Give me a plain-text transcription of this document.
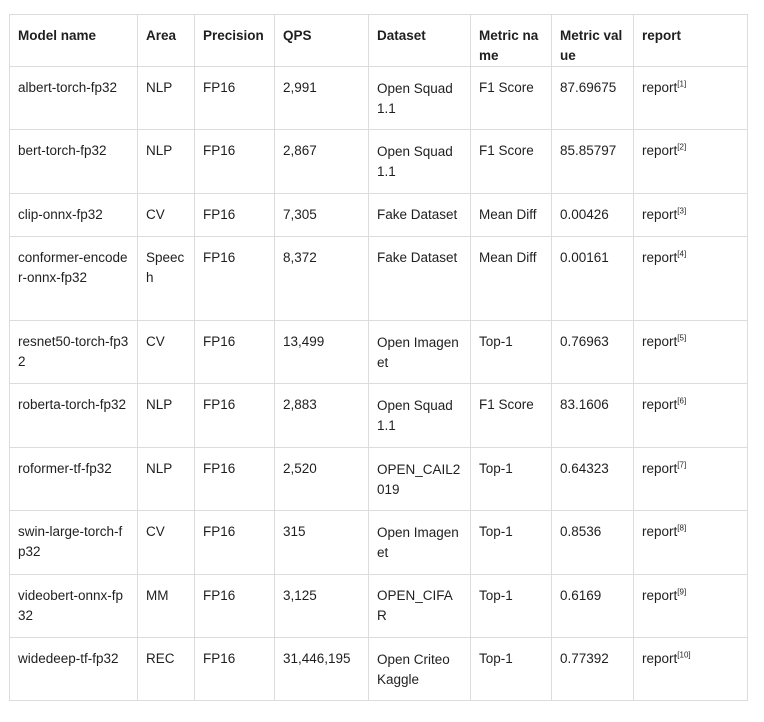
Model name	Area	Precision	QPS	Dataset	Metric name	Metric value	report
albert-torch-fp32	NLP	FP16	2,991	Open Squad 1.1	F1 Score	87.69675	report[1]
bert-torch-fp32	NLP	FP16	2,867	Open Squad 1.1	F1 Score	85.85797	report[2]
clip-onnx-fp32	CV	FP16	7,305	Fake Dataset	Mean Diff	0.00426	report[3]
conformer-encoder-onnx-fp32	Speech	FP16	8,372	Fake Dataset	Mean Diff	0.00161	report[4]
resnet50-torch-fp32	CV	FP16	13,499	Open Imagenet	Top-1	0.76963	report[5]
roberta-torch-fp32	NLP	FP16	2,883	Open Squad 1.1	F1 Score	83.1606	report[6]
roformer-tf-fp32	NLP	FP16	2,520	OPEN_CAIL2019	Top-1	0.64323	report[7]
swin-large-torch-fp32	CV	FP16	315	Open Imagenet	Top-1	0.8536	report[8]
videobert-onnx-fp32	MM	FP16	3,125	OPEN_CIFAR	Top-1	0.6169	report[9]
widedeep-tf-fp32	REC	FP16	31,446,195	Open Criteo Kaggle	Top-1	0.77392	report[10]
